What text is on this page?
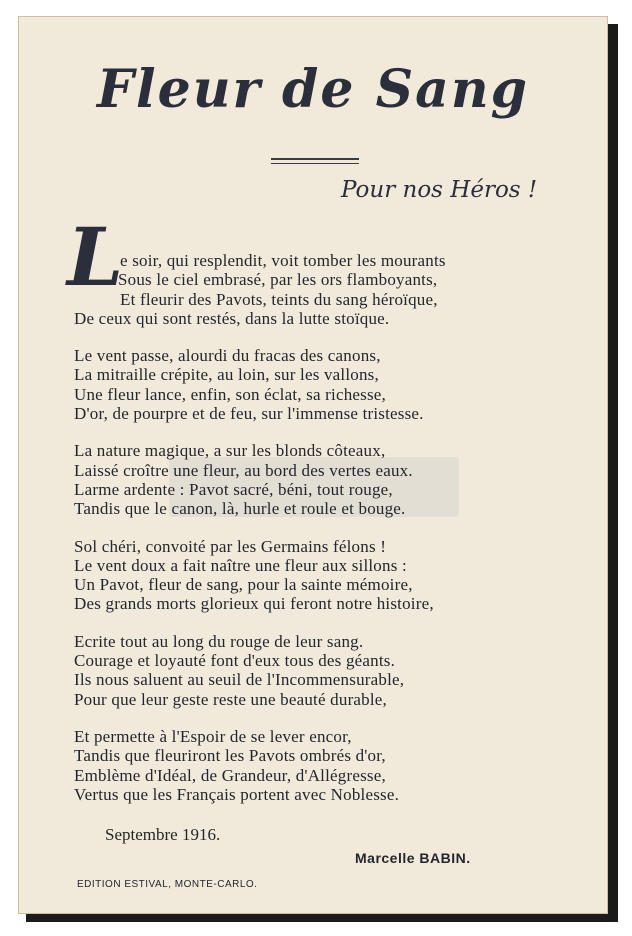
Fleur de Sang
Pour nos Héros !
L
e soir, qui resplendit, voit tomber les mourants
Sous le ciel embrasé, par les ors flamboyants,
Et fleurir des Pavots, teints du sang héroïque,
De ceux qui sont restés, dans la lutte stoïque.
Le vent passe, alourdi du fracas des canons,
La mitraille crépite, au loin, sur les vallons,
Une fleur lance, enfin, son éclat, sa richesse,
D'or, de pourpre et de feu, sur l'immense tristesse.
La nature magique, a sur les blonds côteaux,
Laissé croître une fleur, au bord des vertes eaux.
Larme ardente : Pavot sacré, béni, tout rouge,
Tandis que le canon, là, hurle et roule et bouge.
Sol chéri, convoité par les Germains félons !
Le vent doux a fait naître une fleur aux sillons :
Un Pavot, fleur de sang, pour la sainte mémoire,
Des grands morts glorieux qui feront notre histoire,
Ecrite tout au long du rouge de leur sang.
Courage et loyauté font d'eux tous des géants.
Ils nous saluent au seuil de l'Incommensurable,
Pour que leur geste reste une beauté durable,
Et permette à l'Espoir de se lever encor,
Tandis que fleuriront les Pavots ombrés d'or,
Emblème d'Idéal, de Grandeur, d'Allégresse,
Vertus que les Français portent avec Noblesse.
Septembre 1916.
Marcelle BABIN.
EDITION ESTIVAL, MONTE-CARLO.
